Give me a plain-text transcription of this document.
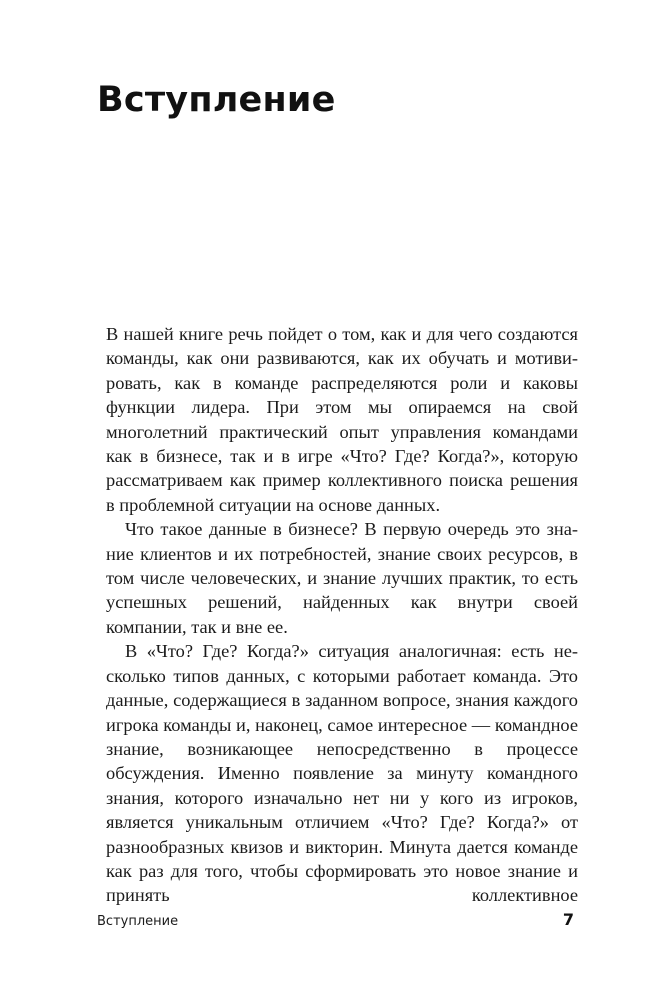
Вступление

В нашей книге речь пойдет о том, как и для чего создаются команды, как они развиваются, как их обучать и мотивировать, как в команде распределяются роли и каковы функции лидера. При этом мы опираемся на свой многолетний практический опыт управления командами как в бизнесе, так и в игре «Что? Где? Когда?», которую рассматриваем как пример коллективного поиска решения в проблемной ситуации на основе данных.

Что такое данные в бизнесе? В первую очередь это знание клиентов и их потребностей, знание своих ресурсов, в том числе человеческих, и знание лучших практик, то есть успешных решений, найденных как внутри своей компании, так и вне ее.

В «Что? Где? Когда?» ситуация аналогичная: есть несколько типов данных, с которыми работает команда. Это данные, содержащиеся в заданном вопросе, знания каждого игрока команды и, наконец, самое интересное — командное знание, возникающее непосредственно в процессе обсуждения. Именно появление за минуту командного знания, которого изначально нет ни у кого из игроков, является уникальным отличием «Что? Где? Когда?» от разнообразных квизов и викторин. Минута дается команде как раз для того, чтобы сформировать это новое знание и принять коллективное

Вступление	7
